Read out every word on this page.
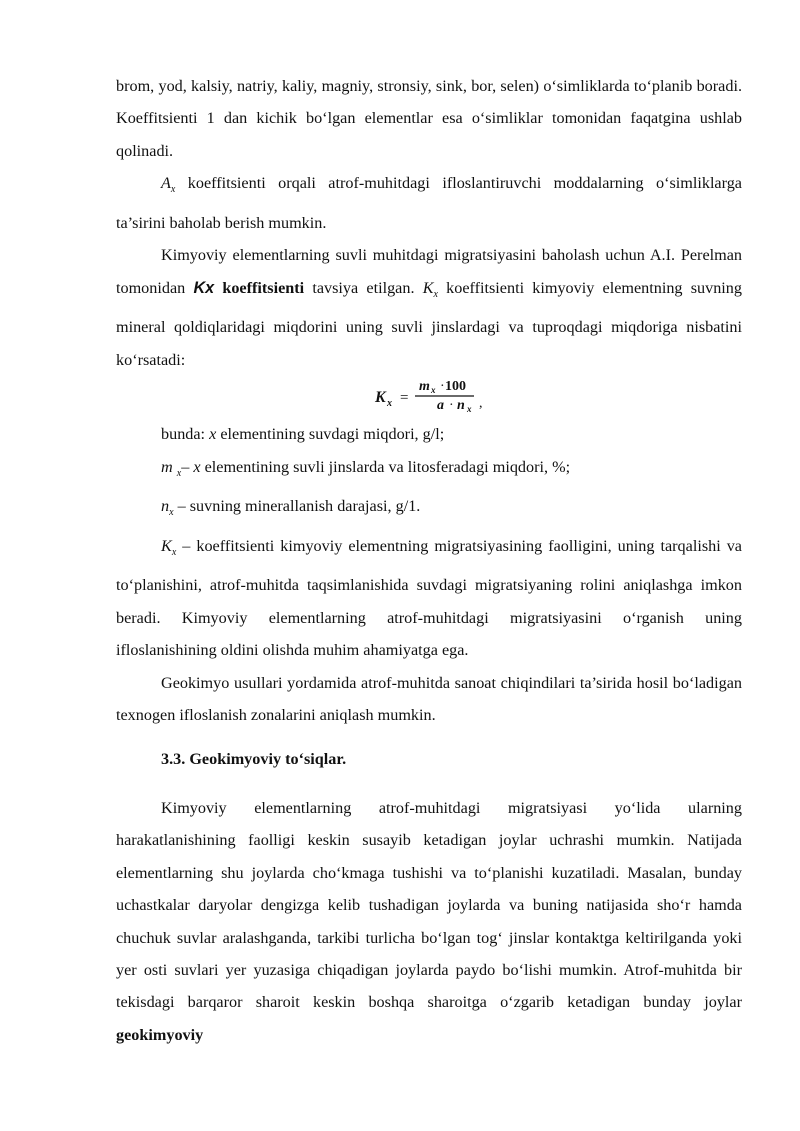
brom, yod, kalsiy, natriy, kaliy, magniy, stronsiy, sink, bor, selen) o‘simliklarda to‘planib boradi. Koeffitsienti 1 dan kichik bo‘lgan elementlar esa o‘simliklar tomonidan faqatgina ushlab qolinadi.

$A_x$ koeffitsienti orqali atrof-muhitdagi ifloslantiruvchi moddalarning o‘simliklarga ta’sirini baholab berish mumkin.

Kimyoviy elementlarning suvli muhitdagi migratsiyasini baholash uchun A.I. Perelman tomonidan Kx koeffitsienti tavsiya etilgan. $K_x$ koeffitsienti kimyoviy elementning suvning mineral qoldiqlaridagi miqdorini uning suvli jinslardagi va tuproqdagi miqdoriga nisbatini ko‘rsatadi:

K x
m x
a n x
=
· 100
· ,
bunda: x elementining suvdagi miqdori, g/l;
m $_x$– x elementining suvli jinslarda va litosferadagi miqdori, %;
$n_x$ – suvning minerallanish darajasi, g/1.

$K_x$ – koeffitsienti kimyoviy elementning migratsiyasining faolligini, uning tarqalishi va to‘planishini, atrof-muhitda taqsimlanishida suvdagi migratsiyaning rolini aniqlashga imkon beradi. Kimyoviy elementlarning atrof-muhitdagi migratsiyasini o‘rganish uning ifloslanishining oldini olishda muhim ahamiyatga ega.

Geokimyo usullari yordamida atrof-muhitda sanoat chiqindilari ta’sirida hosil bo‘ladigan texnogen ifloslanish zonalarini aniqlash mumkin.

3.3. Geokimyoviy to‘siqlar.

Kimyoviy elementlarning atrof-muhitdagi migratsiyasi yo‘lida ularning harakatlanishining faolligi keskin susayib ketadigan joylar uchrashi mumkin. Natijada elementlarning shu joylarda cho‘kmaga tushishi va to‘planishi kuzatiladi. Masalan, bunday uchastkalar daryolar dengizga kelib tushadigan joylarda va buning natijasida sho‘r hamda chuchuk suvlar aralashganda, tarkibi turlicha bo‘lgan tog‘ jinslar kontaktga keltirilganda yoki yer osti suvlari yer yuzasiga chiqadigan joylarda paydo bo‘lishi mumkin. Atrof-muhitda bir tekisdagi barqaror sharoit keskin boshqa sharoitga o‘zgarib ketadigan bunday joylar geokimyoviy
